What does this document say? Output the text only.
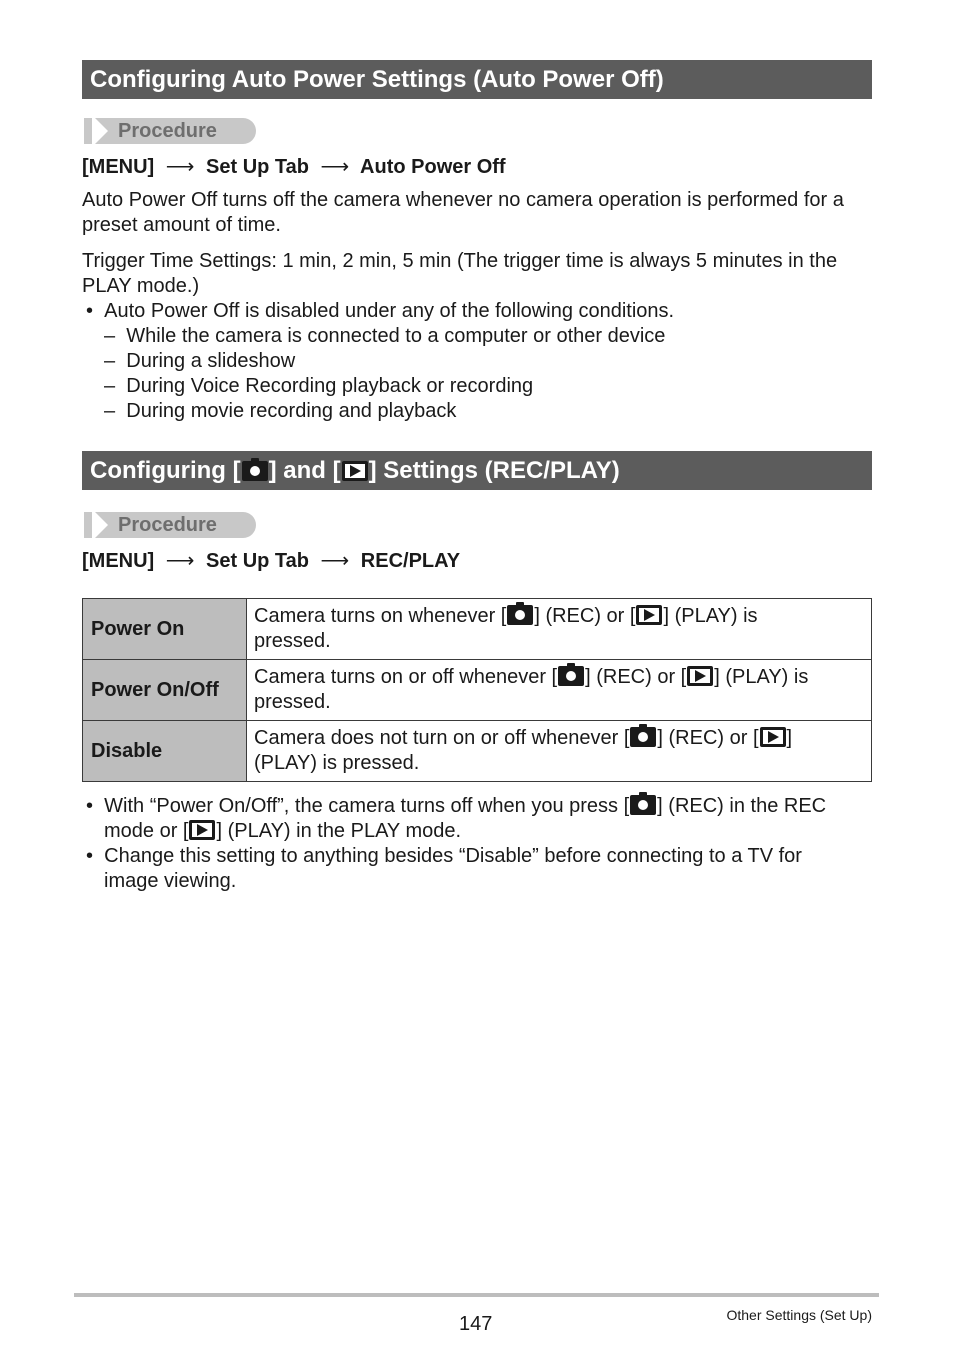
Configuring Auto Power Settings (Auto Power Off)
Procedure
[MENU] ⟶ Set Up Tab ⟶ Auto Power Off
Auto Power Off turns off the camera whenever no camera operation is performed for a preset amount of time.
Trigger Time Settings: 1 min, 2 min, 5 min (The trigger time is always 5 minutes in the PLAY mode.)
• Auto Power Off is disabled under any of the following conditions.
– While the camera is connected to a computer or other device
– During a slideshow
– During Voice Recording playback or recording
– During movie recording and playback
Configuring [ ] and [ ] Settings (REC/PLAY)
Procedure
[MENU] ⟶ Set Up Tab ⟶ REC/PLAY
Power On	Camera turns on whenever [ ] (REC) or [ ] (PLAY) is
pressed.
Power On/Off	Camera turns on or off whenever [ ] (REC) or [ ] (PLAY) is
pressed.
Disable	Camera does not turn on or off whenever [ ] (REC) or [ ]
(PLAY) is pressed.
• With “Power On/Off”, the camera turns off when you press [ ] (REC) in the REC
mode or [ ] (PLAY) in the PLAY mode.
• Change this setting to anything besides “Disable” before connecting to a TV for
image viewing.
147	Other Settings (Set Up)
